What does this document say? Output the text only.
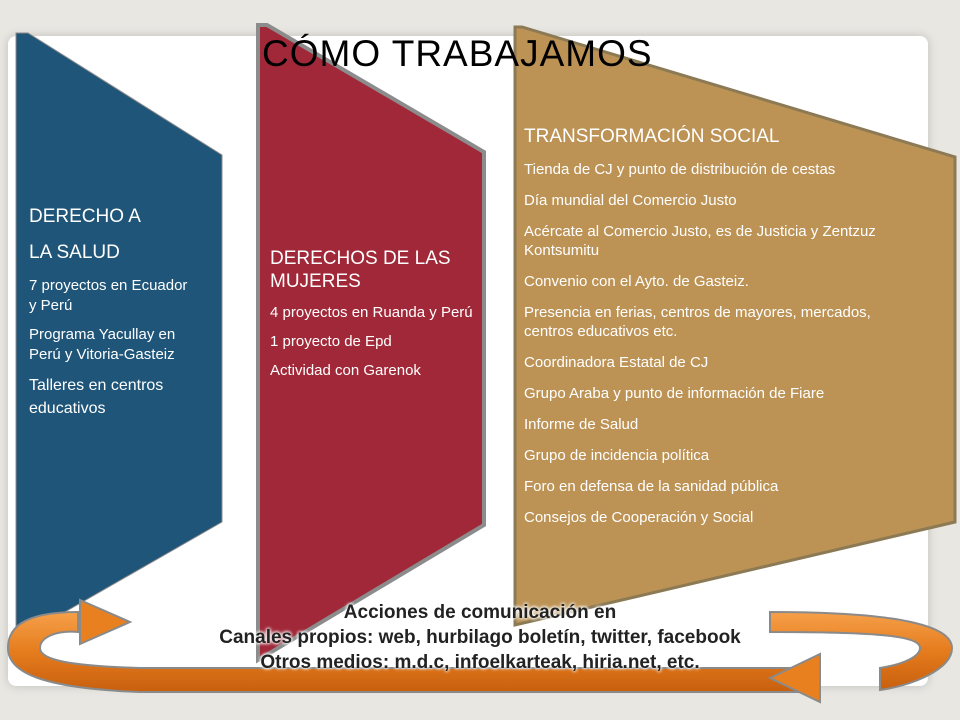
CÓMO TRABAJAMOS
DERECHO A
LA SALUD
7 proyectos en Ecuador y Perú
Programa Yacullay en Perú y Vitoria-Gasteiz
Talleres en centros educativos
DERECHOS DE LAS MUJERES
4 proyectos en Ruanda y Perú
1 proyecto de Epd
Actividad con Garenok
TRANSFORMACIÓN SOCIAL
Tienda de CJ y punto de distribución de cestas
Día mundial del Comercio Justo
Acércate al Comercio Justo, es de Justicia y Zentzuz Kontsumitu
Convenio con el Ayto. de Gasteiz.
Presencia en ferias, centros de mayores, mercados, centros educativos etc.
Coordinadora Estatal de CJ
Grupo Araba y punto de información de Fiare
Informe de Salud
Grupo de incidencia política
Foro en defensa de la sanidad pública
Consejos de Cooperación y Social
Acciones de comunicación en
Canales propios: web, hurbilago boletín, twitter, facebook
Otros medios: m.d.c, infoelkarteak, hiria.net, etc.
